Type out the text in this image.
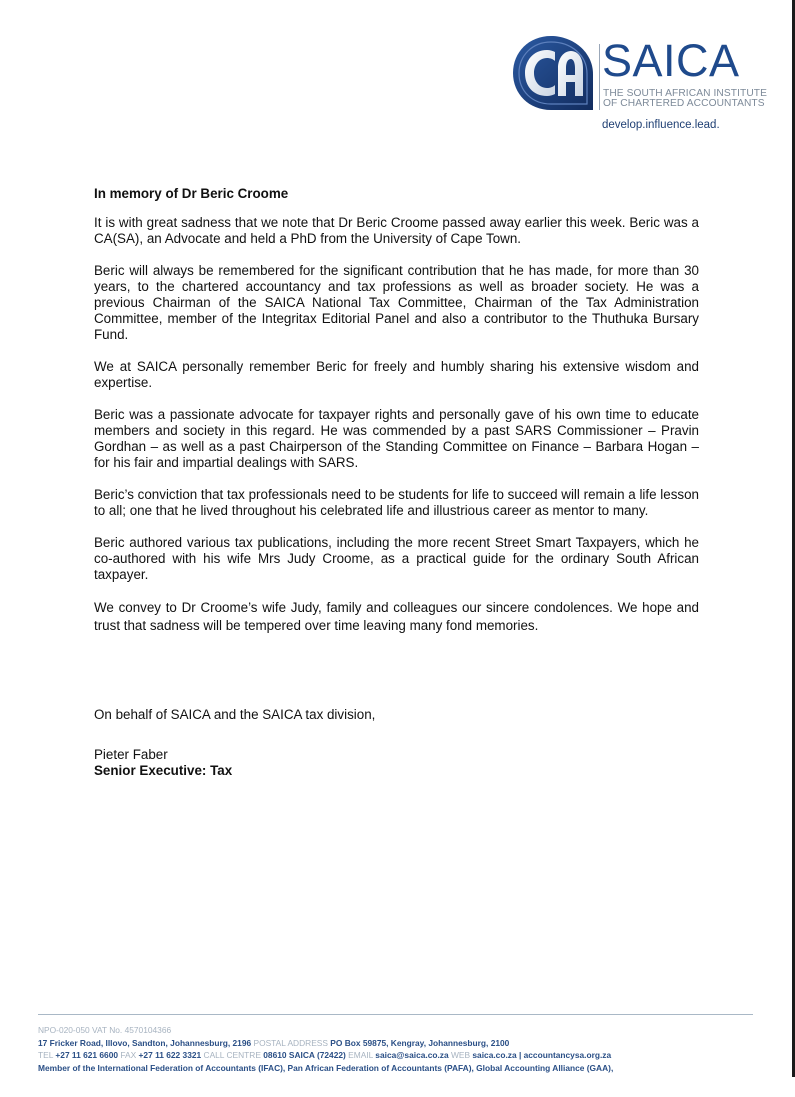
SAICA
THE SOUTH AFRICAN INSTITUTE
OF CHARTERED ACCOUNTANTS
develop.influence.lead.
In memory of Dr Beric Croome

It is with great sadness that we note that Dr Beric Croome passed away earlier this week. Beric was a CA(SA), an Advocate and held a PhD from the University of Cape Town.

Beric will always be remembered for the significant contribution that he has made, for more than 30 years, to the chartered accountancy and tax professions as well as broader society. He was a previous Chairman of the SAICA National Tax Committee, Chairman of the Tax Administration Committee, member of the Integritax Editorial Panel and also a contributor to the Thuthuka Bursary Fund.

We at SAICA personally remember Beric for freely and humbly sharing his extensive wisdom and expertise.

Beric was a passionate advocate for taxpayer rights and personally gave of his own time to educate members and society in this regard. He was commended by a past SARS Commissioner – Pravin Gordhan – as well as a past Chairperson of the Standing Committee on Finance – Barbara Hogan – for his fair and impartial dealings with SARS.

Beric’s conviction that tax professionals need to be students for life to succeed will remain a life lesson to all; one that he lived throughout his celebrated life and illustrious career as mentor to many.

Beric authored various tax publications, including the more recent Street Smart Taxpayers, which he co-authored with his wife Mrs Judy Croome, as a practical guide for the ordinary South African taxpayer.

We convey to Dr Croome’s wife Judy, family and colleagues our sincere condolences. We hope and trust that sadness will be tempered over time leaving many fond memories.

On behalf of SAICA and the SAICA tax division,
Pieter Faber
Senior Executive: Tax
NPO-020-050 VAT No. 4570104366
17 Fricker Road, Illovo, Sandton, Johannesburg, 2196 POSTAL ADDRESS PO Box 59875, Kengray, Johannesburg, 2100
TEL +27 11 621 6600 FAX +27 11 622 3321 CALL CENTRE 08610 SAICA (72422) EMAIL saica@saica.co.za WEB saica.co.za | accountancysa.org.za
Member of the International Federation of Accountants (IFAC), Pan African Federation of Accountants (PAFA), Global Accounting Alliance (GAA),
